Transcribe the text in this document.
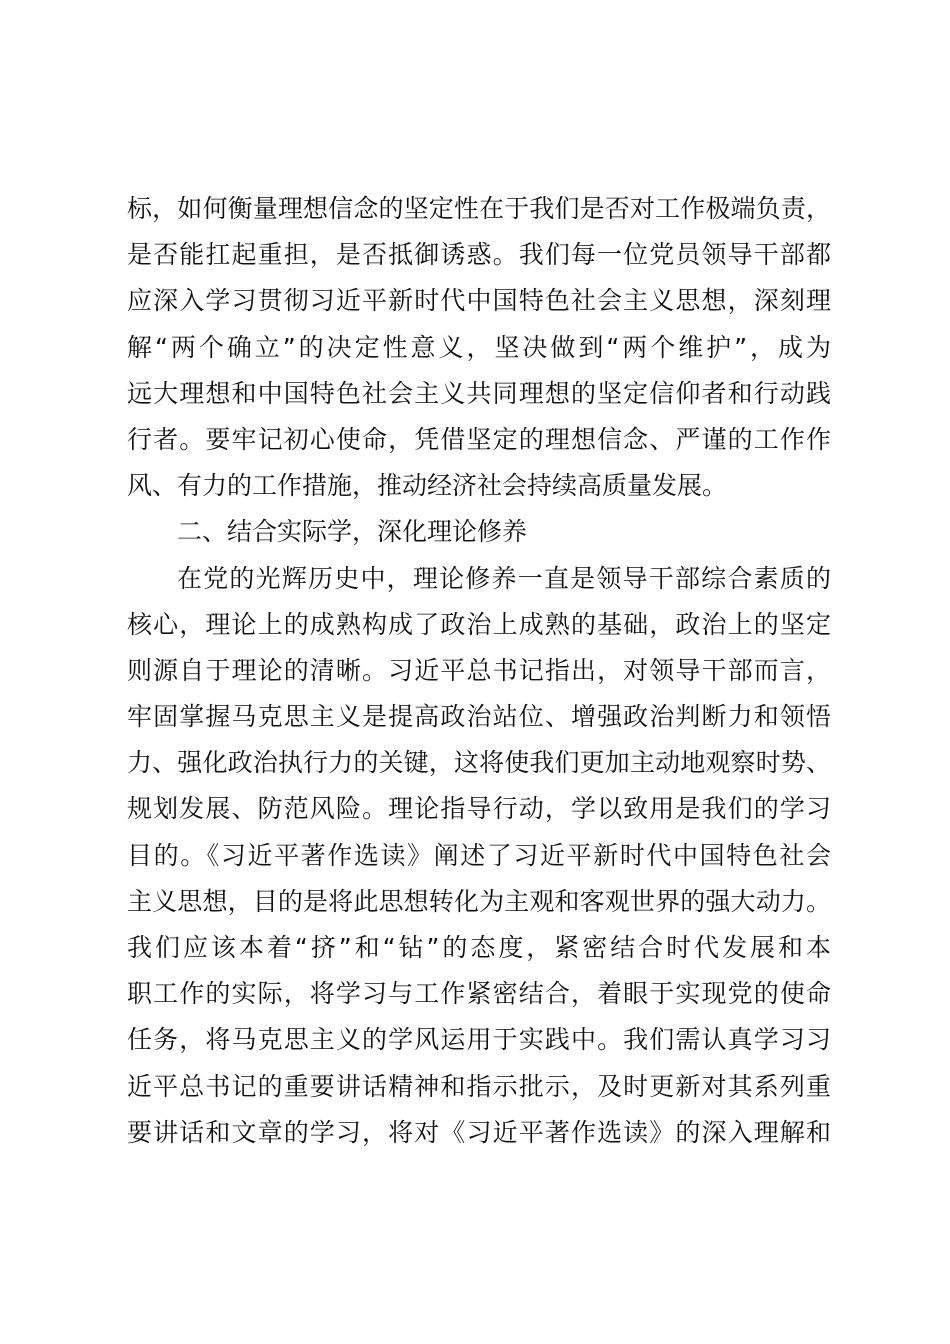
标，如何衡量理想信念的坚定性在于我们是否对工作极端负责，
是否能扛起重担，是否抵御诱惑。我们每一位党员领导干部都
应深入学习贯彻习近平新时代中国特色社会主义思想，深刻理
解“两个确立”的决定性意义，坚决做到“两个维护”，成为
远大理想和中国特色社会主义共同理想的坚定信仰者和行动践
行者。要牢记初心使命，凭借坚定的理想信念、严谨的工作作
风、有力的工作措施，推动经济社会持续高质量发展。
二、结合实际学，深化理论修养
在党的光辉历史中，理论修养一直是领导干部综合素质的
核心，理论上的成熟构成了政治上成熟的基础，政治上的坚定
则源自于理论的清晰。习近平总书记指出，对领导干部而言，
牢固掌握马克思主义是提高政治站位、增强政治判断力和领悟
力、强化政治执行力的关键，这将使我们更加主动地观察时势、
规划发展、防范风险。理论指导行动，学以致用是我们的学习
目的。《习近平著作选读》阐述了习近平新时代中国特色社会
主义思想，目的是将此思想转化为主观和客观世界的强大动力。
我们应该本着“挤”和“钻”的态度，紧密结合时代发展和本
职工作的实际，将学习与工作紧密结合，着眼于实现党的使命
任务，将马克思主义的学风运用于实践中。我们需认真学习习
近平总书记的重要讲话精神和指示批示，及时更新对其系列重
要讲话和文章的学习，将对《习近平著作选读》的深入理解和
